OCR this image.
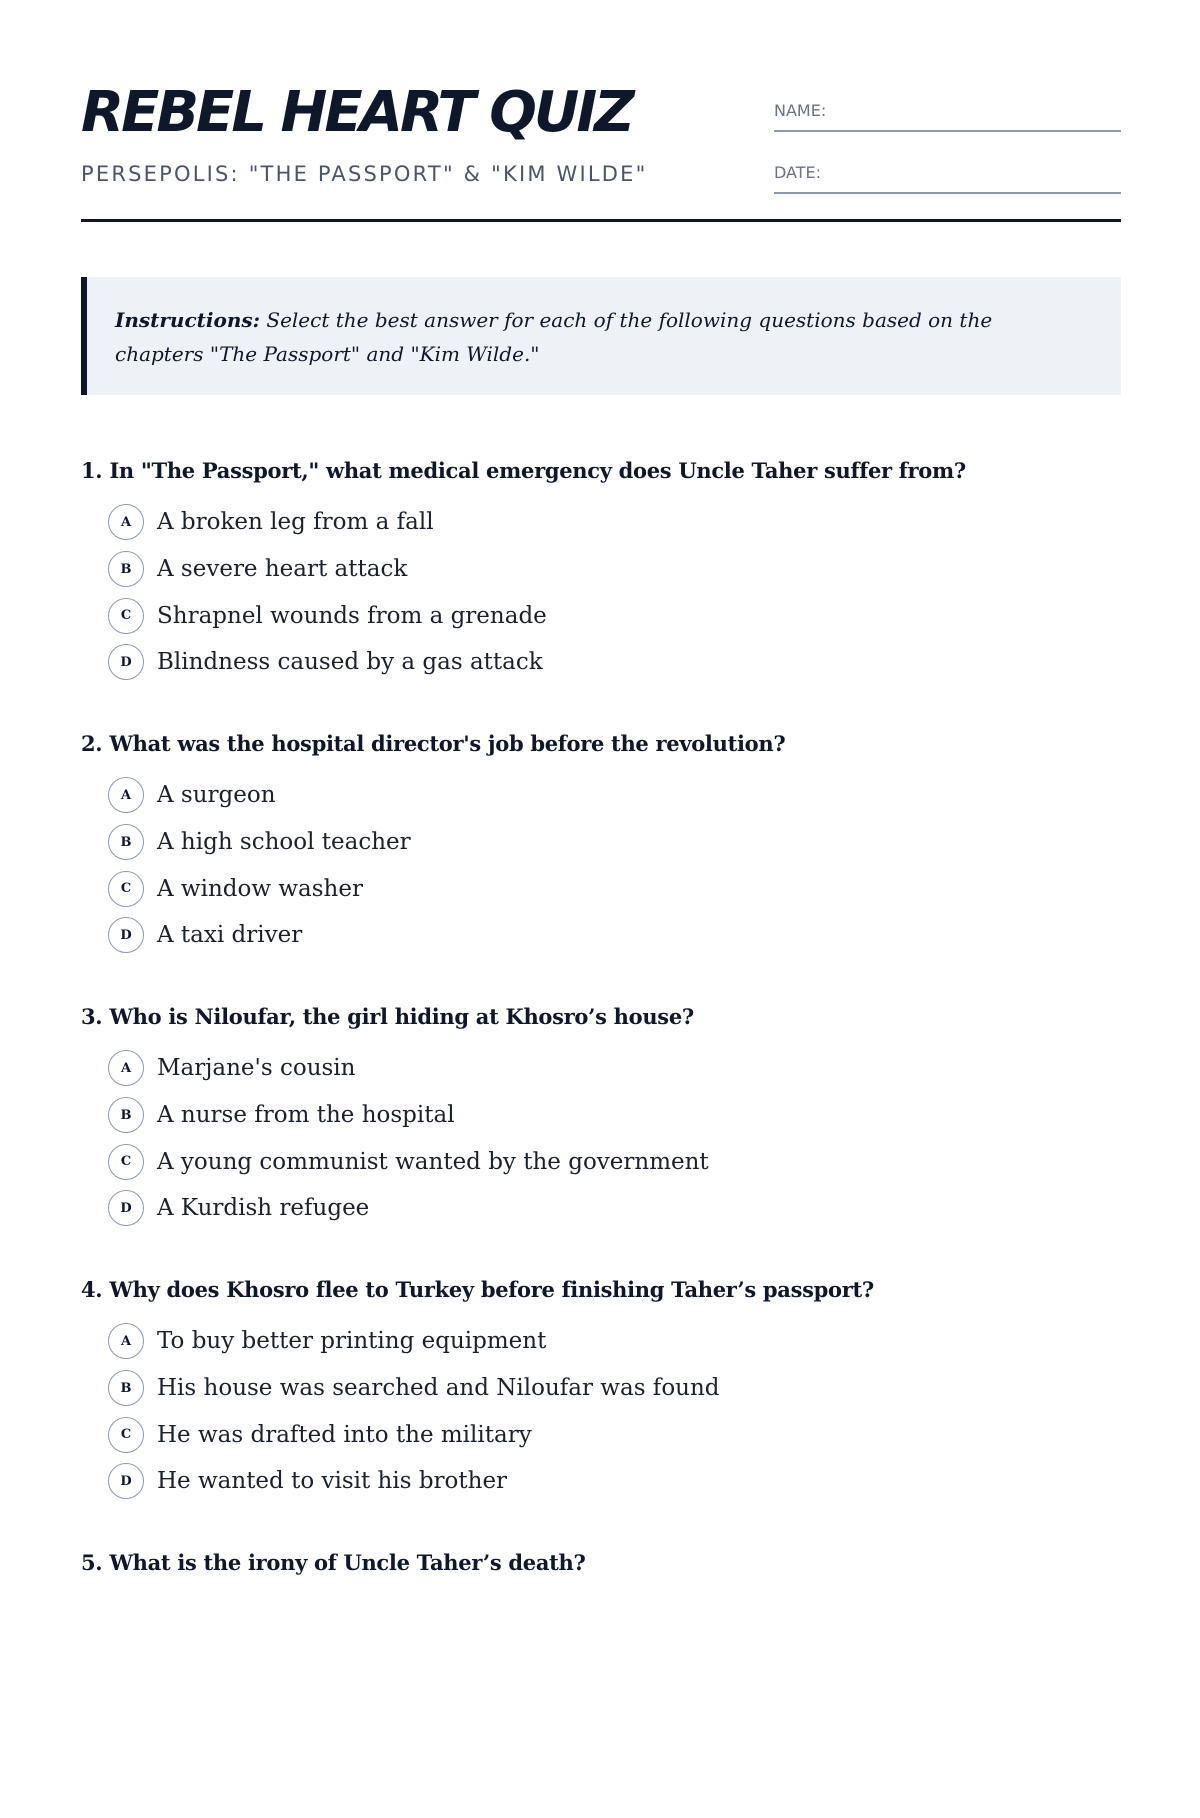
REBEL HEART QUIZ
PERSEPOLIS: "THE PASSPORT" & "KIM WILDE"
NAME:
DATE:
Instructions: Select the best answer for each of the following questions based on the chapters "The Passport" and "Kim Wilde."

1. In "The Passport," what medical emergency does Uncle Taher suffer from?

A	A broken leg from a fall
B	A severe heart attack
C	Shrapnel wounds from a grenade
D	Blindness caused by a gas attack

2. What was the hospital director's job before the revolution?

A	A surgeon
B	A high school teacher
C	A window washer
D	A taxi driver

3. Who is Niloufar, the girl hiding at Khosro’s house?

A	Marjane's cousin
B	A nurse from the hospital
C	A young communist wanted by the government
D	A Kurdish refugee

4. Why does Khosro flee to Turkey before finishing Taher’s passport?

A	To buy better printing equipment
B	His house was searched and Niloufar was found
C	He was drafted into the military
D	He wanted to visit his brother

5. What is the irony of Uncle Taher’s death?
